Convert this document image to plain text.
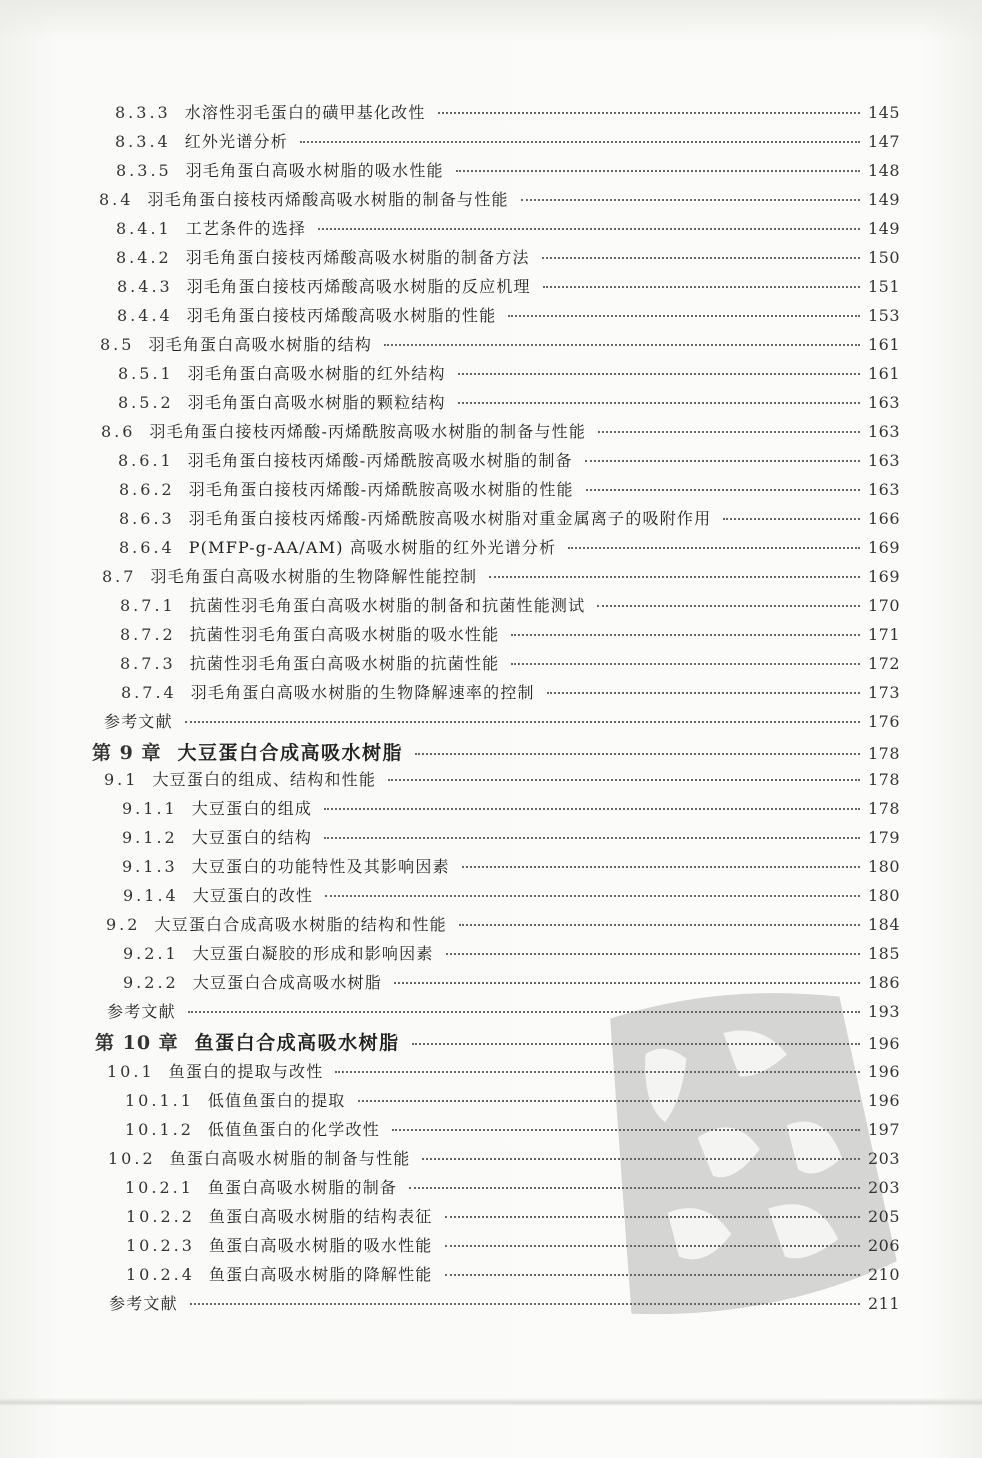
8.3.3 水溶性羽毛蛋白的磺甲基化改性	145
8.3.4 红外光谱分析	147
8.3.5 羽毛角蛋白高吸水树脂的吸水性能	148
8.4 羽毛角蛋白接枝丙烯酸高吸水树脂的制备与性能	149
8.4.1 工艺条件的选择	149
8.4.2 羽毛角蛋白接枝丙烯酸高吸水树脂的制备方法	150
8.4.3 羽毛角蛋白接枝丙烯酸高吸水树脂的反应机理	151
8.4.4 羽毛角蛋白接枝丙烯酸高吸水树脂的性能	153
8.5 羽毛角蛋白高吸水树脂的结构	161
8.5.1 羽毛角蛋白高吸水树脂的红外结构	161
8.5.2 羽毛角蛋白高吸水树脂的颗粒结构	163
8.6 羽毛角蛋白接枝丙烯酸-丙烯酰胺高吸水树脂的制备与性能	163
8.6.1 羽毛角蛋白接枝丙烯酸-丙烯酰胺高吸水树脂的制备	163
8.6.2 羽毛角蛋白接枝丙烯酸-丙烯酰胺高吸水树脂的性能	163
8.6.3 羽毛角蛋白接枝丙烯酸-丙烯酰胺高吸水树脂对重金属离子的吸附作用	166
8.6.4 P(MFP-g-AA/AM) 高吸水树脂的红外光谱分析	169
8.7 羽毛角蛋白高吸水树脂的生物降解性能控制	169
8.7.1 抗菌性羽毛角蛋白高吸水树脂的制备和抗菌性能测试	170
8.7.2 抗菌性羽毛角蛋白高吸水树脂的吸水性能	171
8.7.3 抗菌性羽毛角蛋白高吸水树脂的抗菌性能	172
8.7.4 羽毛角蛋白高吸水树脂的生物降解速率的控制	173
参考文献	176
第 9 章 大豆蛋白合成高吸水树脂	178
9.1 大豆蛋白的组成、结构和性能	178
9.1.1 大豆蛋白的组成	178
9.1.2 大豆蛋白的结构	179
9.1.3 大豆蛋白的功能特性及其影响因素	180
9.1.4 大豆蛋白的改性	180
9.2 大豆蛋白合成高吸水树脂的结构和性能	184
9.2.1 大豆蛋白凝胶的形成和影响因素	185
9.2.2 大豆蛋白合成高吸水树脂	186
参考文献	193
第 10 章 鱼蛋白合成高吸水树脂	196
10.1 鱼蛋白的提取与改性	196
10.1.1 低值鱼蛋白的提取	196
10.1.2 低值鱼蛋白的化学改性	197
10.2 鱼蛋白高吸水树脂的制备与性能	203
10.2.1 鱼蛋白高吸水树脂的制备	203
10.2.2 鱼蛋白高吸水树脂的结构表征	205
10.2.3 鱼蛋白高吸水树脂的吸水性能	206
10.2.4 鱼蛋白高吸水树脂的降解性能	210
参考文献	211
